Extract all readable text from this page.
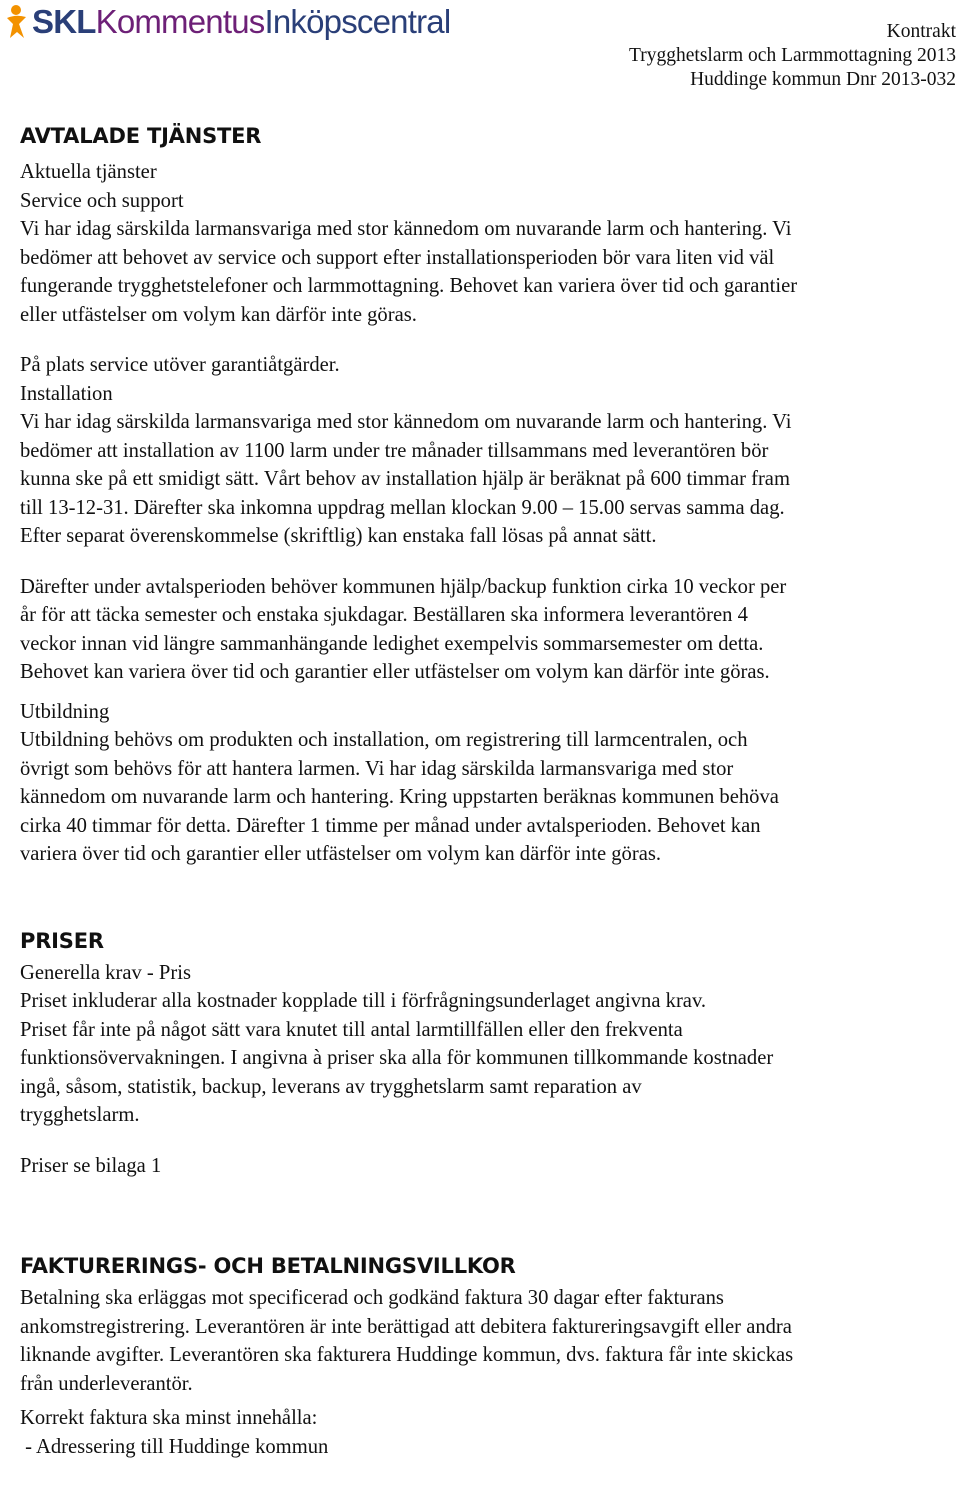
SKLKommentusInköpscentral	Kontrakt
Trygghetslarm och Larmmottagning 2013
Huddinge kommun Dnr 2013-032

AVTALADE TJÄNSTER

Aktuella tjänster

Service och support

Vi har idag särskilda larmansvariga med stor kännedom om nuvarande larm och hantering. Vi

bedömer att behovet av service och support efter installationsperioden bör vara liten vid väl

fungerande trygghetstelefoner och larmmottagning. Behovet kan variera över tid och garantier

eller utfästelser om volym kan därför inte göras.

På plats service utöver garantiåtgärder.

Installation

Vi har idag särskilda larmansvariga med stor kännedom om nuvarande larm och hantering. Vi

bedömer att installation av 1100 larm under tre månader tillsammans med leverantören bör

kunna ske på ett smidigt sätt. Vårt behov av installation hjälp är beräknat på 600 timmar fram

till 13-12-31. Därefter ska inkomna uppdrag mellan klockan 9.00 – 15.00 servas samma dag.

Efter separat överenskommelse (skriftlig) kan enstaka fall lösas på annat sätt.

Därefter under avtalsperioden behöver kommunen hjälp/backup funktion cirka 10 veckor per

år för att täcka semester och enstaka sjukdagar. Beställaren ska informera leverantören 4

veckor innan vid längre sammanhängande ledighet exempelvis sommarsemester om detta.

Behovet kan variera över tid och garantier eller utfästelser om volym kan därför inte göras.

Utbildning

Utbildning behövs om produkten och installation, om registrering till larmcentralen, och

övrigt som behövs för att hantera larmen. Vi har idag särskilda larmansvariga med stor

kännedom om nuvarande larm och hantering. Kring uppstarten beräknas kommunen behöva

cirka 40 timmar för detta. Därefter 1 timme per månad under avtalsperioden. Behovet kan

variera över tid och garantier eller utfästelser om volym kan därför inte göras.

PRISER

Generella krav - Pris

Priset inkluderar alla kostnader kopplade till i förfrågningsunderlaget angivna krav.

Priset får inte på något sätt vara knutet till antal larmtillfällen eller den frekventa

funktionsövervakningen. I angivna à priser ska alla för kommunen tillkommande kostnader

ingå, såsom, statistik, backup, leverans av trygghetslarm samt reparation av

trygghetslarm.

Priser se bilaga 1

FAKTURERINGS- OCH BETALNINGSVILLKOR

Betalning ska erläggas mot specificerad och godkänd faktura 30 dagar efter fakturans

ankomstregistrering. Leverantören är inte berättigad att debitera faktureringsavgift eller andra

liknande avgifter. Leverantören ska fakturera Huddinge kommun, dvs. faktura får inte skickas

från underleverantör.

Korrekt faktura ska minst innehålla:

- Adressering till Huddinge kommun
